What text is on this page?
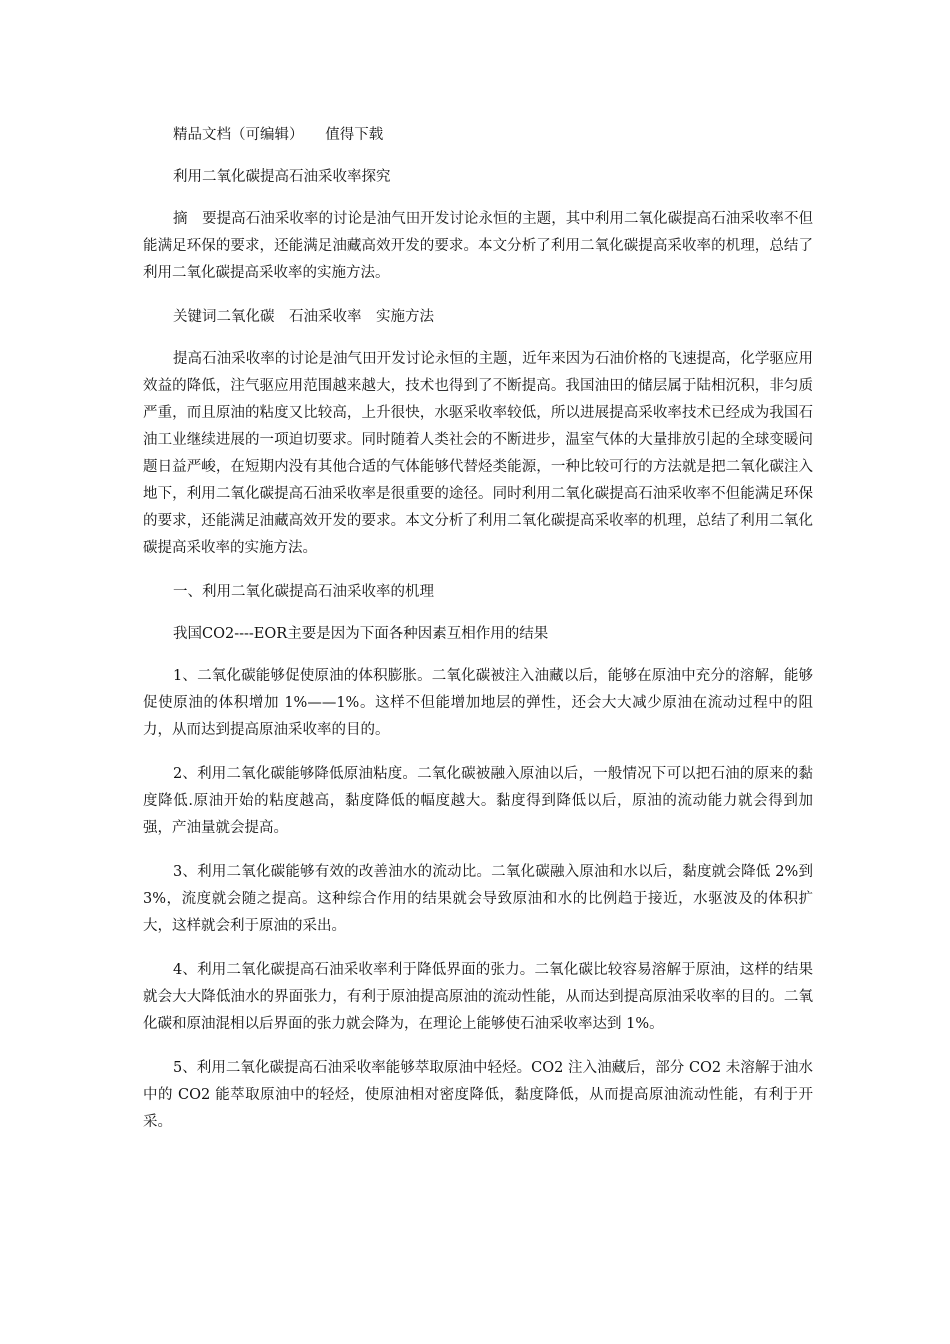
精品文档（可编辑）　　值得下载

利用二氧化碳提高石油采收率探究

摘　要提高石油采收率的讨论是油气田开发讨论永恒的主题，其中利用二氧化碳提高石油采收率不但能满足环保的要求，还能满足油藏高效开发的要求。本文分析了利用二氧化碳提高采收率的机理，总结了利用二氧化碳提高采收率的实施方法。

关键词二氧化碳　石油采收率　实施方法

提高石油采收率的讨论是油气田开发讨论永恒的主题，近年来因为石油价格的飞速提高，化学驱应用效益的降低，注气驱应用范围越来越大，技术也得到了不断提高。我国油田的储层属于陆相沉积，非匀质严重，而且原油的粘度又比较高，上升很快，水驱采收率较低，所以进展提高采收率技术已经成为我国石油工业继续进展的一项迫切要求。同时随着人类社会的不断进步，温室气体的大量排放引起的全球变暖问题日益严峻，在短期内没有其他合适的气体能够代替烃类能源，一种比较可行的方法就是把二氧化碳注入地下，利用二氧化碳提高石油采收率是很重要的途径。同时利用二氧化碳提高石油采收率不但能满足环保的要求，还能满足油藏高效开发的要求。本文分析了利用二氧化碳提高采收率的机理，总结了利用二氧化碳提高采收率的实施方法。

一、利用二氧化碳提高石油采收率的机理

我国CO2----EOR主要是因为下面各种因素互相作用的结果

1、二氧化碳能够促使原油的体积膨胀。二氧化碳被注入油藏以后，能够在原油中充分的溶解，能够促使原油的体积增加 1%——1%。这样不但能增加地层的弹性，还会大大减少原油在流动过程中的阻力，从而达到提高原油采收率的目的。

2、利用二氧化碳能够降低原油粘度。二氧化碳被融入原油以后，一般情况下可以把石油的原来的黏度降低.原油开始的粘度越高，黏度降低的幅度越大。黏度得到降低以后，原油的流动能力就会得到加强，产油量就会提高。

3、利用二氧化碳能够有效的改善油水的流动比。二氧化碳融入原油和水以后，黏度就会降低 2%到 3%，流度就会随之提高。这种综合作用的结果就会导致原油和水的比例趋于接近，水驱波及的体积扩大，这样就会利于原油的采出。

4、利用二氧化碳提高石油采收率利于降低界面的张力。二氧化碳比较容易溶解于原油，这样的结果就会大大降低油水的界面张力，有利于原油提高原油的流动性能，从而达到提高原油采收率的目的。二氧化碳和原油混相以后界面的张力就会降为，在理论上能够使石油采收率达到 1%。

5、利用二氧化碳提高石油采收率能够萃取原油中轻烃。CO2 注入油藏后，部分 CO2 未溶解于油水中的 CO2 能萃取原油中的轻烃，使原油相对密度降低，黏度降低，从而提高原油流动性能，有利于开采。
